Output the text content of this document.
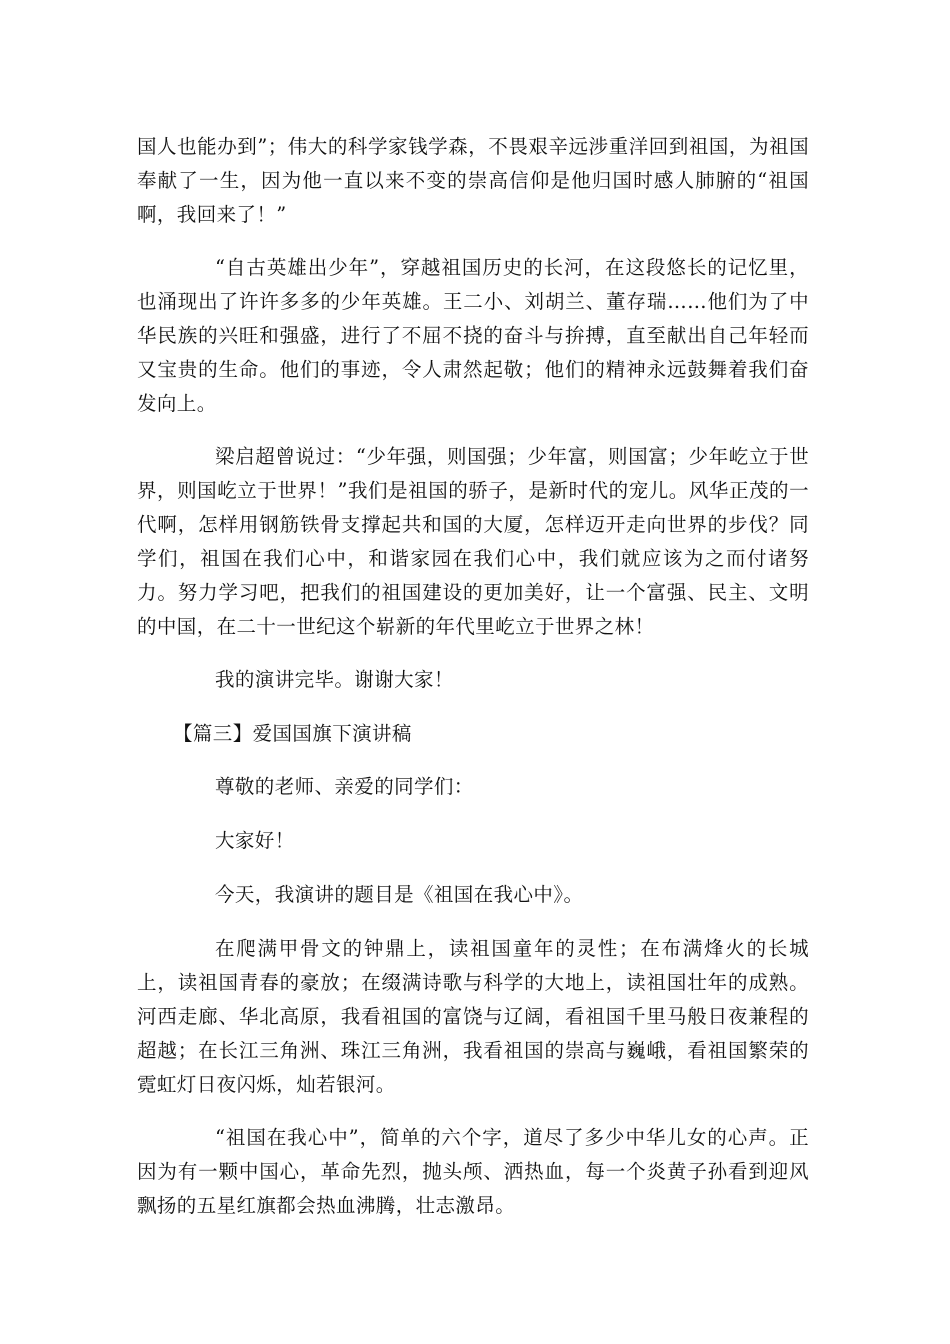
国人也能办到”；伟大的科学家钱学森，不畏艰辛远涉重洋回到祖国，为祖国奉献了一生，因为他一直以来不变的崇高信仰是他归国时感人肺腑的“祖国啊，我回来了！”

“自古英雄出少年”，穿越祖国历史的长河，在这段悠长的记忆里，也涌现出了许许多多的少年英雄。王二小、刘胡兰、董存瑞……他们为了中华民族的兴旺和强盛，进行了不屈不挠的奋斗与拚搏，直至献出自己年轻而又宝贵的生命。他们的事迹，令人肃然起敬；他们的精神永远鼓舞着我们奋发向上。

梁启超曾说过：“少年强，则国强；少年富，则国富；少年屹立于世界，则国屹立于世界！”我们是祖国的骄子，是新时代的宠儿。风华正茂的一代啊，怎样用钢筋铁骨支撑起共和国的大厦，怎样迈开走向世界的步伐？同学们，祖国在我们心中，和谐家园在我们心中，我们就应该为之而付诸努力。努力学习吧，把我们的祖国建设的更加美好，让一个富强、民主、文明的中国，在二十一世纪这个崭新的年代里屹立于世界之林！

我的演讲完毕。谢谢大家！

【篇三】爱国国旗下演讲稿

尊敬的老师、亲爱的同学们：

大家好！

今天，我演讲的题目是《祖国在我心中》。

在爬满甲骨文的钟鼎上，读祖国童年的灵性；在布满烽火的长城上，读祖国青春的豪放；在缀满诗歌与科学的大地上，读祖国壮年的成熟。河西走廊、华北高原，我看祖国的富饶与辽阔，看祖国千里马般日夜兼程的超越；在长江三角洲、珠江三角洲，我看祖国的崇高与巍峨，看祖国繁荣的霓虹灯日夜闪烁，灿若银河。

“祖国在我心中”，简单的六个字，道尽了多少中华儿女的心声。正因为有一颗中国心，革命先烈，抛头颅、洒热血，每一个炎黄子孙看到迎风飘扬的五星红旗都会热血沸腾，壮志激昂。
